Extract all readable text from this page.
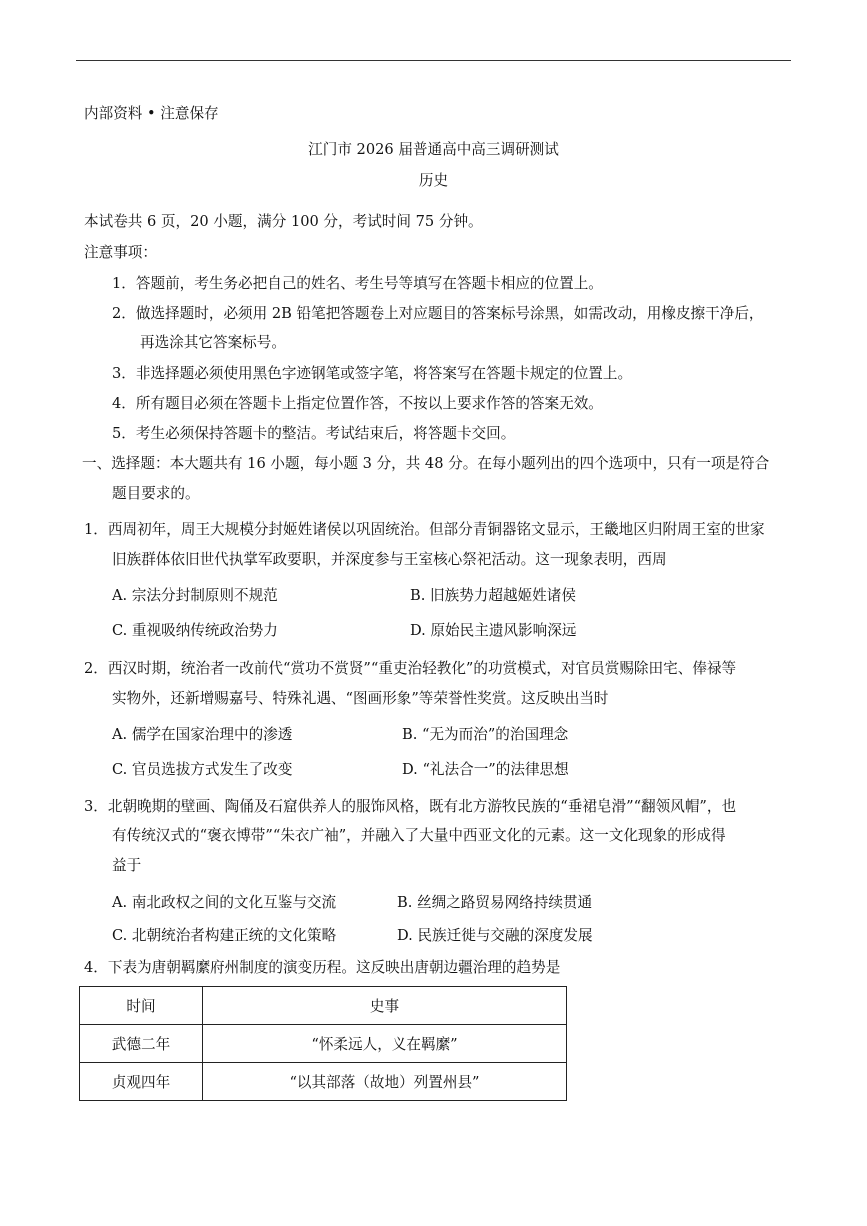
内部资料 • 注意保存
江门市 2026 届普通高中高三调研测试
历史
本试卷共 6 页，20 小题，满分 100 分，考试时间 75 分钟。
注意事项：
1．答题前，考生务必把自己的姓名、考生号等填写在答题卡相应的位置上。
2．做选择题时，必须用 2B 铅笔把答题卷上对应题目的答案标号涂黑，如需改动，用橡皮擦干净后，
再选涂其它答案标号。
3．非选择题必须使用黑色字迹钢笔或签字笔，将答案写在答题卡规定的位置上。
4．所有题目必须在答题卡上指定位置作答，不按以上要求作答的答案无效。
5．考生必须保持答题卡的整洁。考试结束后，将答题卡交回。
一、选择题：本大题共有 16 小题，每小题 3 分，共 48 分。在每小题列出的四个选项中，只有一项是符合
题目要求的。
1．西周初年，周王大规模分封姬姓诸侯以巩固统治。但部分青铜器铭文显示，王畿地区归附周王室的世家
旧族群体依旧世代执掌军政要职，并深度参与王室核心祭祀活动。这一现象表明，西周
A. 宗法分封制原则不规范	B. 旧族势力超越姬姓诸侯
C. 重视吸纳传统政治势力	D. 原始民主遗风影响深远
2．西汉时期，统治者一改前代“赏功不赏贤”“重吏治轻教化”的功赏模式，对官员赏赐除田宅、俸禄等
实物外，还新增赐嘉号、特殊礼遇、“图画形象”等荣誉性奖赏。这反映出当时
A. 儒学在国家治理中的渗透	B. “无为而治”的治国理念
C. 官员选拔方式发生了改变	D. “礼法合一”的法律思想
3．北朝晚期的壁画、陶俑及石窟供养人的服饰风格，既有北方游牧民族的“垂裙皂滑”“翻领风帽”，也
有传统汉式的“褒衣博带”“朱衣广袖”，并融入了大量中西亚文化的元素。这一文化现象的形成得
益于
A. 南北政权之间的文化互鉴与交流	B. 丝绸之路贸易网络持续贯通
C. 北朝统治者构建正统的文化策略	D. 民族迁徙与交融的深度发展
4．下表为唐朝羁縻府州制度的演变历程。这反映出唐朝边疆治理的趋势是
时间	史事
武德二年	“怀柔远人，义在羁縻”
贞观四年	“以其部落（故地）列置州县”
